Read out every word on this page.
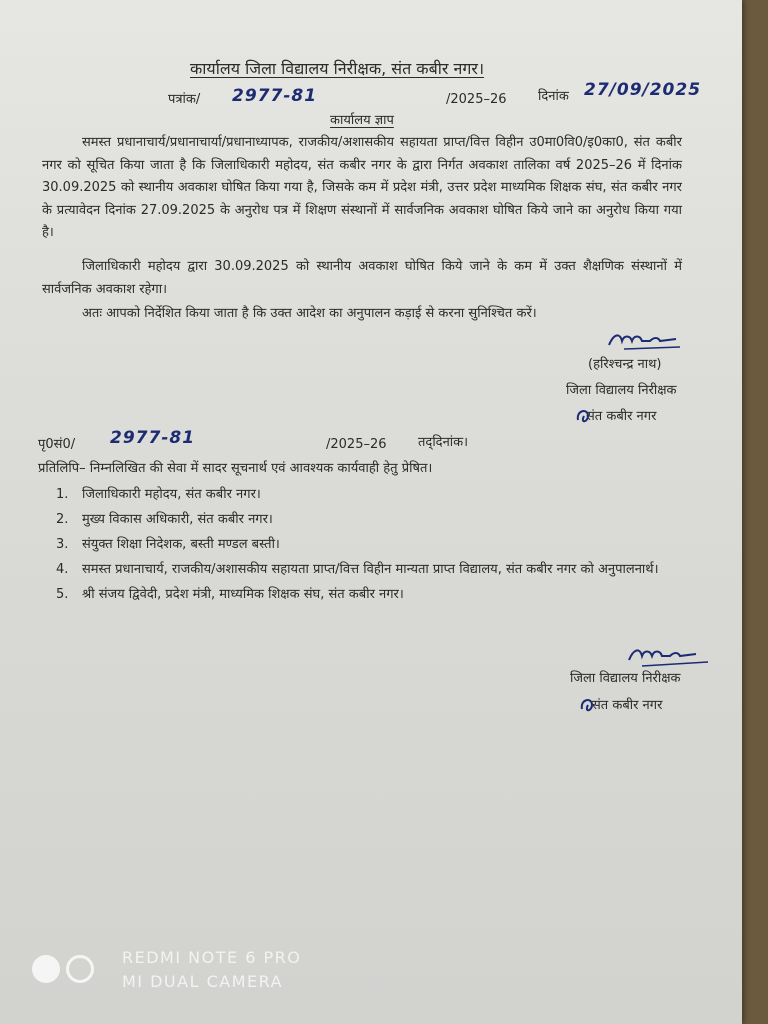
कार्यालय जिला विद्यालय निरीक्षक, संत कबीर नगर।
पत्रांक/ 2977-81	/2025–26 दिनांक 27/09/2025
कार्यालय ज्ञाप
समस्त प्रधानाचार्य/प्रधानाचार्या/प्रधानाध्यापक, राजकीय/अशासकीय सहायता प्राप्त/वित्त विहीन उ0मा0वि0/इ0का0, संत कबीर नगर को सूचित किया जाता है कि जिलाधिकारी महोदय, संत कबीर नगर के द्वारा निर्गत अवकाश तालिका वर्ष 2025–26 में दिनांक 30.09.2025 को स्थानीय अवकाश घोषित किया गया है, जिसके कम में प्रदेश मंत्री, उत्तर प्रदेश माध्यमिक शिक्षक संघ, संत कबीर नगर के प्रत्यावेदन दिनांक 27.09.2025 के अनुरोध पत्र में शिक्षण संस्थानों में सार्वजनिक अवकाश घोषित किये जाने का अनुरोध किया गया है।
जिलाधिकारी महोदय द्वारा 30.09.2025 को स्थानीय अवकाश घोषित किये जाने के कम में उक्त शैक्षणिक संस्थानों में सार्वजनिक अवकाश रहेगा।
अतः आपको निर्देशित किया जाता है कि उक्त आदेश का अनुपालन कड़ाई से करना सुनिश्चित करें।
(हरिश्चन्द्र नाथ)
जिला विद्यालय निरीक्षक
संत कबीर नगर
पृ0सं0/ 2977-81	/2025–26 तद्‌दिनांक।
प्रतिलिपि– निम्नलिखित की सेवा में सादर सूचनार्थ एवं आवश्यक कार्यवाही हेतु प्रेषित।
1.	जिलाधिकारी महोदय, संत कबीर नगर।
2.	मुख्य विकास अधिकारी, संत कबीर नगर।
3.	संयुक्त शिक्षा निदेशक, बस्ती मण्डल बस्ती।
4.	समस्त प्रधानाचार्य, राजकीय/अशासकीय सहायता प्राप्त/वित्त विहीन मान्यता प्राप्त विद्यालय, संत कबीर नगर को अनुपालनार्थ।
5.	श्री संजय द्विवेदी, प्रदेश मंत्री, माध्यमिक शिक्षक संघ, संत कबीर नगर।
जिला विद्यालय निरीक्षक
संत कबीर नगर
REDMI NOTE 6 PRO
MI DUAL CAMERA
